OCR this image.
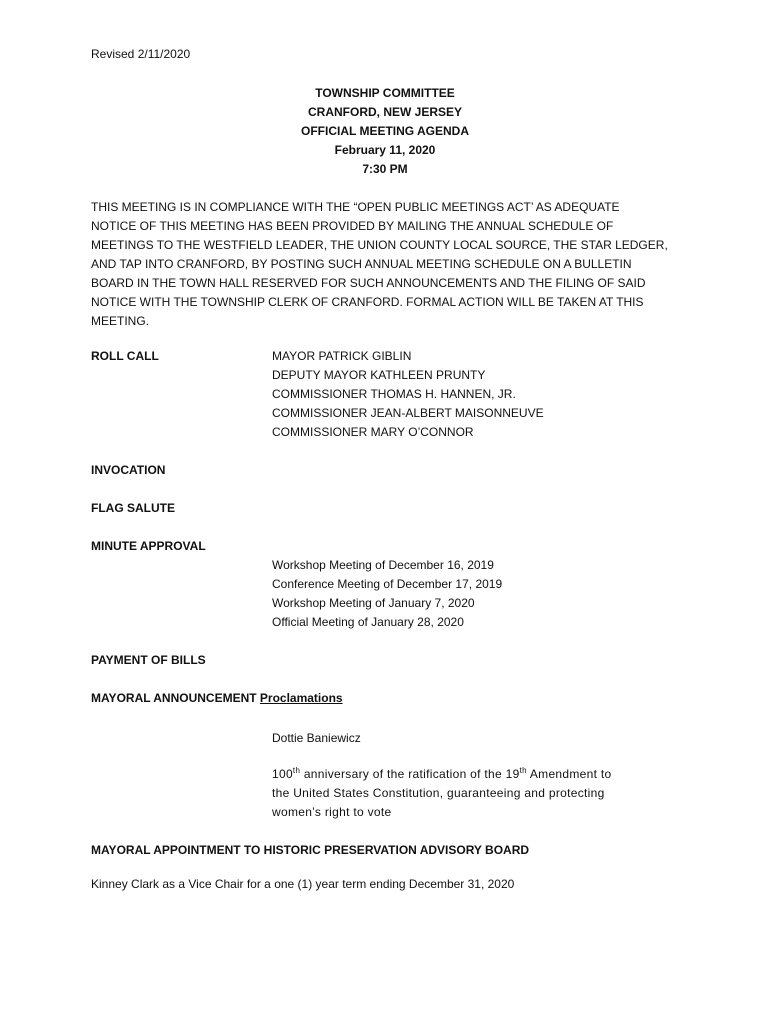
Revised 2/11/2020
TOWNSHIP COMMITTEE
CRANFORD, NEW JERSEY
OFFICIAL MEETING AGENDA
February 11, 2020
7:30 PM
THIS MEETING IS IN COMPLIANCE WITH THE “OPEN PUBLIC MEETINGS ACT’ AS ADEQUATE
NOTICE OF THIS MEETING HAS BEEN PROVIDED BY MAILING THE ANNUAL SCHEDULE OF
MEETINGS TO THE WESTFIELD LEADER, THE UNION COUNTY LOCAL SOURCE, THE STAR LEDGER,
AND TAP INTO CRANFORD, BY POSTING SUCH ANNUAL MEETING SCHEDULE ON A BULLETIN
BOARD IN THE TOWN HALL RESERVED FOR SUCH ANNOUNCEMENTS AND THE FILING OF SAID
NOTICE WITH THE TOWNSHIP CLERK OF CRANFORD. FORMAL ACTION WILL BE TAKEN AT THIS
MEETING.
ROLL CALL	MAYOR PATRICK GIBLIN
DEPUTY MAYOR KATHLEEN PRUNTY
COMMISSIONER THOMAS H. HANNEN, JR.
COMMISSIONER JEAN-ALBERT MAISONNEUVE
COMMISSIONER MARY O’CONNOR
INVOCATION
FLAG SALUTE
MINUTE APPROVAL
Workshop Meeting of December 16, 2019
Conference Meeting of December 17, 2019
Workshop Meeting of January 7, 2020
Official Meeting of January 28, 2020
PAYMENT OF BILLS
MAYORAL ANNOUNCEMENT Proclamations
Dottie Baniewicz
100th anniversary of the ratification of the 19th Amendment to
the United States Constitution, guaranteeing and protecting
women’s right to vote
MAYORAL APPOINTMENT TO HISTORIC PRESERVATION ADVISORY BOARD
Kinney Clark as a Vice Chair for a one (1) year term ending December 31, 2020
